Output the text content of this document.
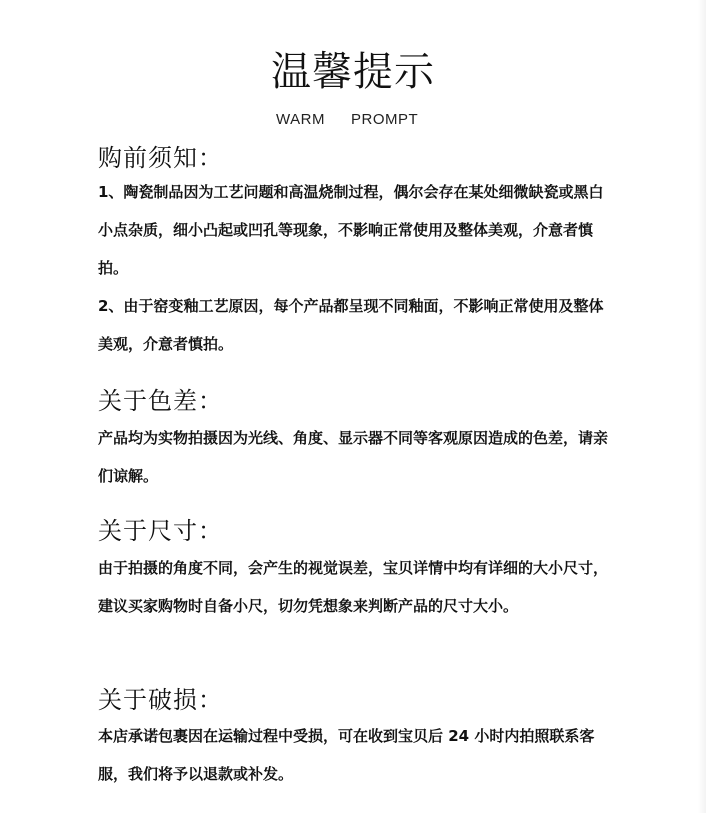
温馨提示
WARM PROMPT
购前须知：

1、陶瓷制品因为工艺问题和高温烧制过程，偶尔会存在某处细微缺瓷或黑白小点杂质，细小凸起或凹孔等现象，不影响正常使用及整体美观，介意者慎拍。

2、由于窑变釉工艺原因，每个产品都呈现不同釉面，不影响正常使用及整体美观，介意者慎拍。

关于色差：

产品均为实物拍摄因为光线、角度、显示器不同等客观原因造成的色差，请亲们谅解。

关于尺寸：

由于拍摄的角度不同，会产生的视觉误差，宝贝详情中均有详细的大小尺寸，建议买家购物时自备小尺，切勿凭想象来判断产品的尺寸大小。

关于破损：

本店承诺包裹因在运输过程中受损，可在收到宝贝后 24 小时内拍照联系客服，我们将予以退款或补发。
